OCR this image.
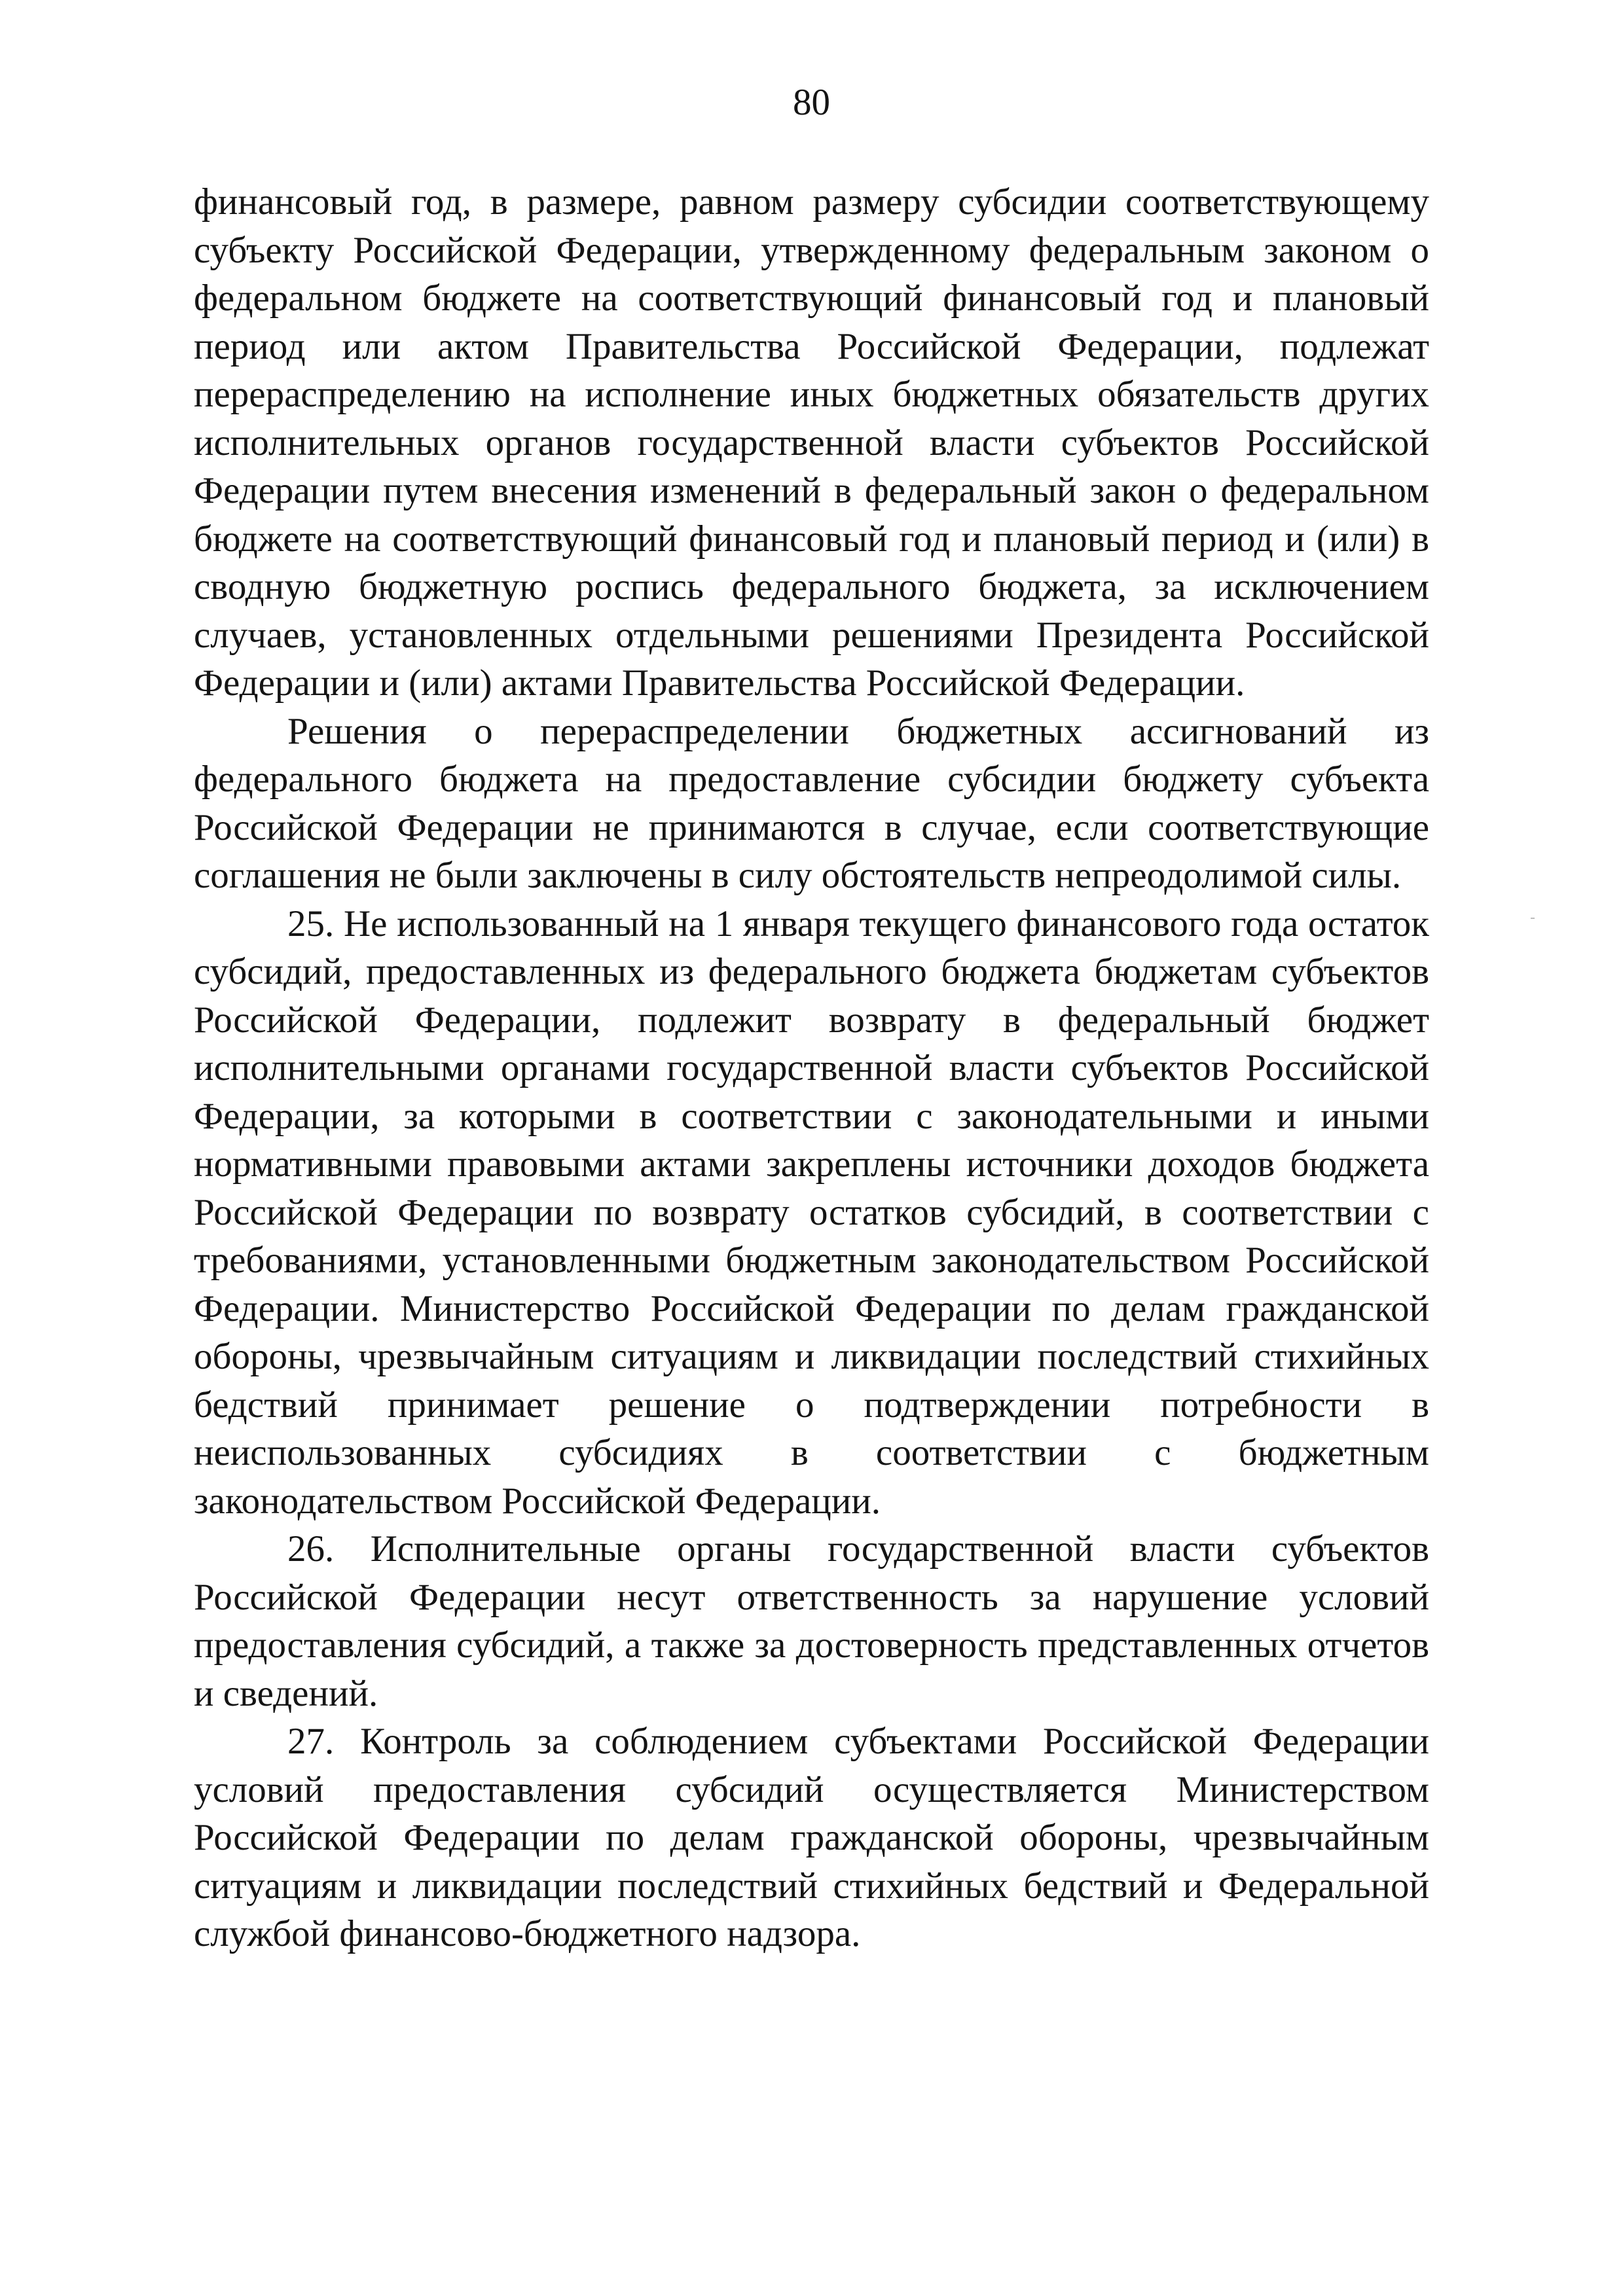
80

финансовый год, в размере, равном размеру субсидии соответствующему субъекту Российской Федерации, утвержденному федеральным законом о федеральном бюджете на соответствующий финансовый год и плановый период или актом Правительства Российской Федерации, подлежат перераспределению на исполнение иных бюджетных обязательств других исполнительных органов государственной власти субъектов Российской Федерации путем внесения изменений в федеральный закон о федеральном бюджете на соответствующий финансовый год и плановый период и (или) в сводную бюджетную роспись федерального бюджета, за исключением случаев, установленных отдельными решениями Президента Российской Федерации и (или) актами Правительства Российской Федерации.

Решения о перераспределении бюджетных ассигнований из федерального бюджета на предоставление субсидии бюджету субъекта Российской Федерации не принимаются в случае, если соответствующие соглашения не были заключены в силу обстоятельств непреодолимой силы.

25. Не использованный на 1 января текущего финансового года остаток субсидий, предоставленных из федерального бюджета бюджетам субъектов Российской Федерации, подлежит возврату в федеральный бюджет исполнительными органами государственной власти субъектов Российской Федерации, за которыми в соответствии с законодательными и иными нормативными правовыми актами закреплены источники доходов бюджета Российской Федерации по возврату остатков субсидий, в соответствии с требованиями, установленными бюджетным законодательством Российской Федерации. Министерство Российской Федерации по делам гражданской обороны, чрезвычайным ситуациям и ликвидации последствий стихийных бедствий принимает решение о подтверждении потребности в неиспользованных субсидиях в соответствии с бюджетным законодательством Российской Федерации.

26. Исполнительные органы государственной власти субъектов Российской Федерации несут ответственность за нарушение условий предоставления субсидий, а также за достоверность представленных отчетов и сведений.

27. Контроль за соблюдением субъектами Российской Федерации условий предоставления субсидий осуществляется Министерством Российской Федерации по делам гражданской обороны, чрезвычайным ситуациям и ликвидации последствий стихийных бедствий и Федеральной службой финансово-бюджетного надзора.
